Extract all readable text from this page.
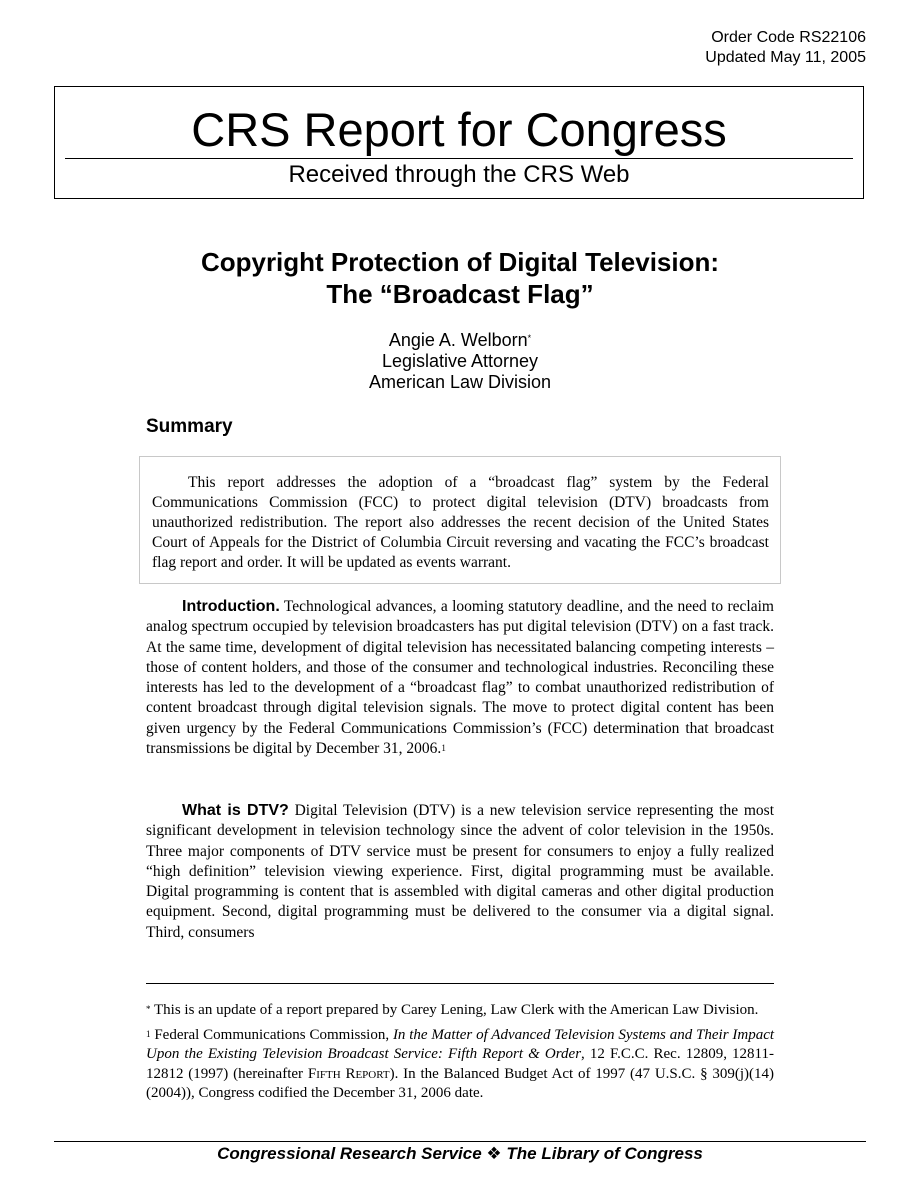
Order Code RS22106
Updated May 11, 2005
CRS Report for Congress
Received through the CRS Web
Copyright Protection of Digital Television:
The “Broadcast Flag”
Angie A. Welborn*
Legislative Attorney
American Law Division
Summary

This report addresses the adoption of a “broadcast flag” system by the Federal Communications Commission (FCC) to protect digital television (DTV) broadcasts from unauthorized redistribution. The report also addresses the recent decision of the United States Court of Appeals for the District of Columbia Circuit reversing and vacating the FCC’s broadcast flag report and order. It will be updated as events warrant.

Introduction. Technological advances, a looming statutory deadline, and the need to reclaim analog spectrum occupied by television broadcasters has put digital television (DTV) on a fast track. At the same time, development of digital television has necessitated balancing competing interests – those of content holders, and those of the consumer and technological industries. Reconciling these interests has led to the development of a “broadcast flag” to combat unauthorized redistribution of content broadcast through digital television signals. The move to protect digital content has been given urgency by the Federal Communications Commission’s (FCC) determination that broadcast transmissions be digital by December 31, 2006.$^1$

What is DTV? Digital Television (DTV) is a new television service representing the most significant development in television technology since the advent of color television in the 1950s. Three major components of DTV service must be present for consumers to enjoy a fully realized “high definition” television viewing experience. First, digital programming must be available. Digital programming is content that is assembled with digital cameras and other digital production equipment. Second, digital programming must be delivered to the consumer via a digital signal. Third, consumers

* This is an update of a report prepared by Carey Lening, Law Clerk with the American Law Division.

$^1$ Federal Communications Commission, In the Matter of Advanced Television Systems and Their Impact Upon the Existing Television Broadcast Service: Fifth Report & Order, 12 F.C.C. Rec. 12809, 12811-12812 (1997) (hereinafter Fifth Report). In the Balanced Budget Act of 1997 (47 U.S.C. § 309(j)(14) (2004)), Congress codified the December 31, 2006 date.

Congressional Research Service ❖ The Library of Congress
